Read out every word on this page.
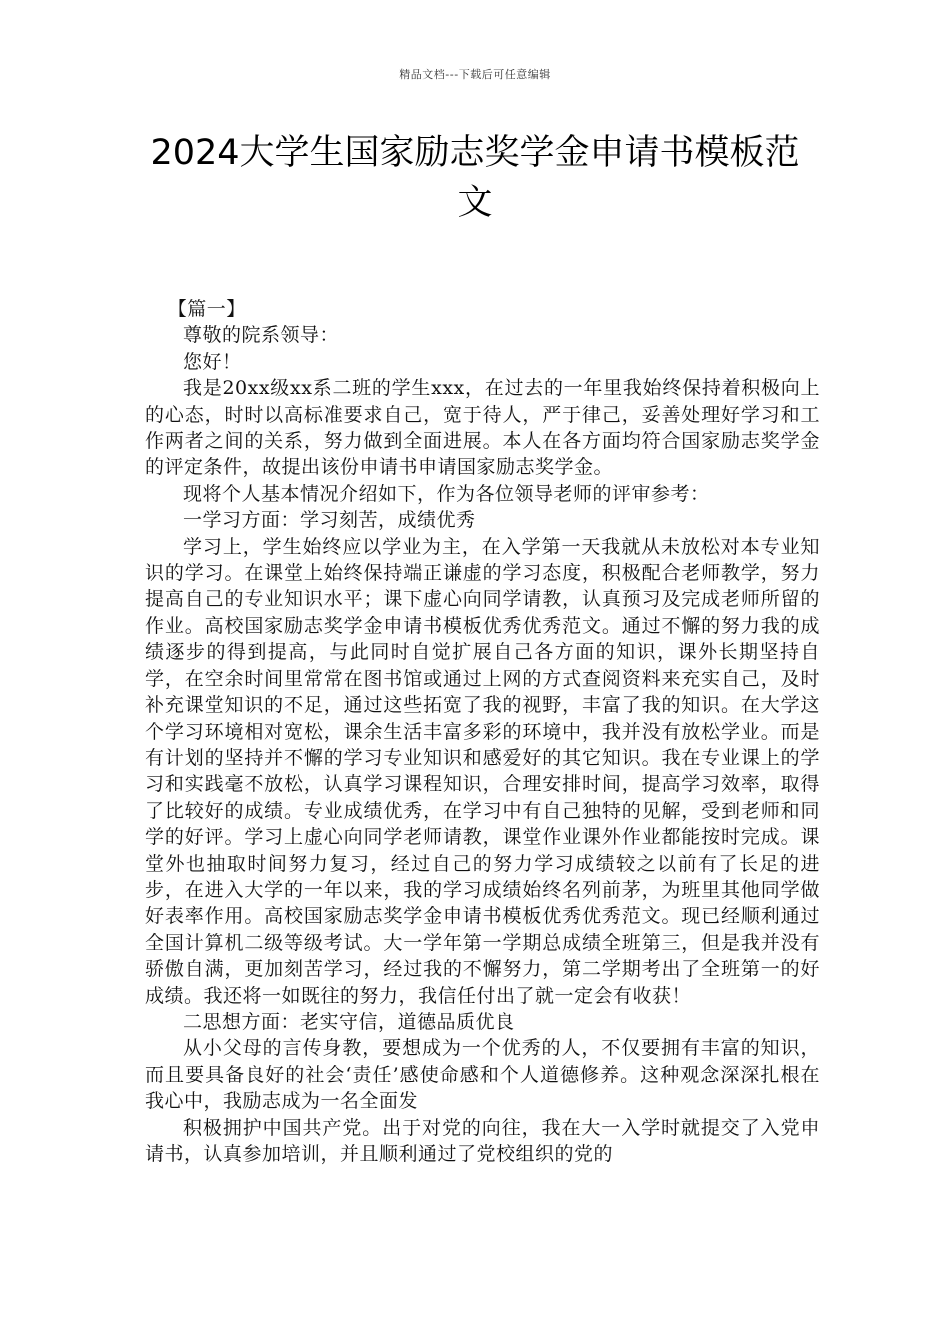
精品文档---下载后可任意编辑
2024大学生国家励志奖学金申请书模板范文

【篇一】

尊敬的院系领导：

您好！

我是20xx级xx系二班的学生xxx，在过去的一年里我始终保持着积极向上的心态，时时以高标准要求自己，宽于待人，严于律己，妥善处理好学习和工作两者之间的关系，努力做到全面进展。本人在各方面均符合国家励志奖学金的评定条件，故提出该份申请书申请国家励志奖学金。

现将个人基本情况介绍如下，作为各位领导老师的评审参考：

一学习方面：学习刻苦，成绩优秀

学习上，学生始终应以学业为主，在入学第一天我就从未放松对本专业知识的学习。在课堂上始终保持端正谦虚的学习态度，积极配合老师教学，努力提高自己的专业知识水平；课下虚心向同学请教，认真预习及完成老师所留的作业。高校国家励志奖学金申请书模板优秀优秀范文。通过不懈的努力我的成绩逐步的得到提高，与此同时自觉扩展自己各方面的知识，课外长期坚持自学，在空余时间里常常在图书馆或通过上网的方式查阅资料来充实自己，及时补充课堂知识的不足，通过这些拓宽了我的视野，丰富了我的知识。在大学这个学习环境相对宽松，课余生活丰富多彩的环境中，我并没有放松学业。而是有计划的坚持并不懈的学习专业知识和感爱好的其它知识。我在专业课上的学习和实践毫不放松，认真学习课程知识，合理安排时间，提高学习效率，取得了比较好的成绩。专业成绩优秀，在学习中有自己独特的见解，受到老师和同学的好评。学习上虚心向同学老师请教，课堂作业课外作业都能按时完成。课堂外也抽取时间努力复习，经过自己的努力学习成绩较之以前有了长足的进步，在进入大学的一年以来，我的学习成绩始终名列前茅，为班里其他同学做好表率作用。高校国家励志奖学金申请书模板优秀优秀范文。现已经顺利通过全国计算机二级等级考试。大一学年第一学期总成绩全班第三，但是我并没有骄傲自满，更加刻苦学习，经过我的不懈努力，第二学期考出了全班第一的好成绩。我还将一如既往的努力，我信任付出了就一定会有收获！

二思想方面：老实守信，道德品质优良

从小父母的言传身教，要想成为一个优秀的人，不仅要拥有丰富的知识，而且要具备良好的社会‘责任’感使命感和个人道德修养。这种观念深深扎根在我心中，我励志成为一名全面发

积极拥护中国共产党。出于对党的向往，我在大一入学时就提交了入党申请书，认真参加培训，并且顺利通过了党校组织的党的
